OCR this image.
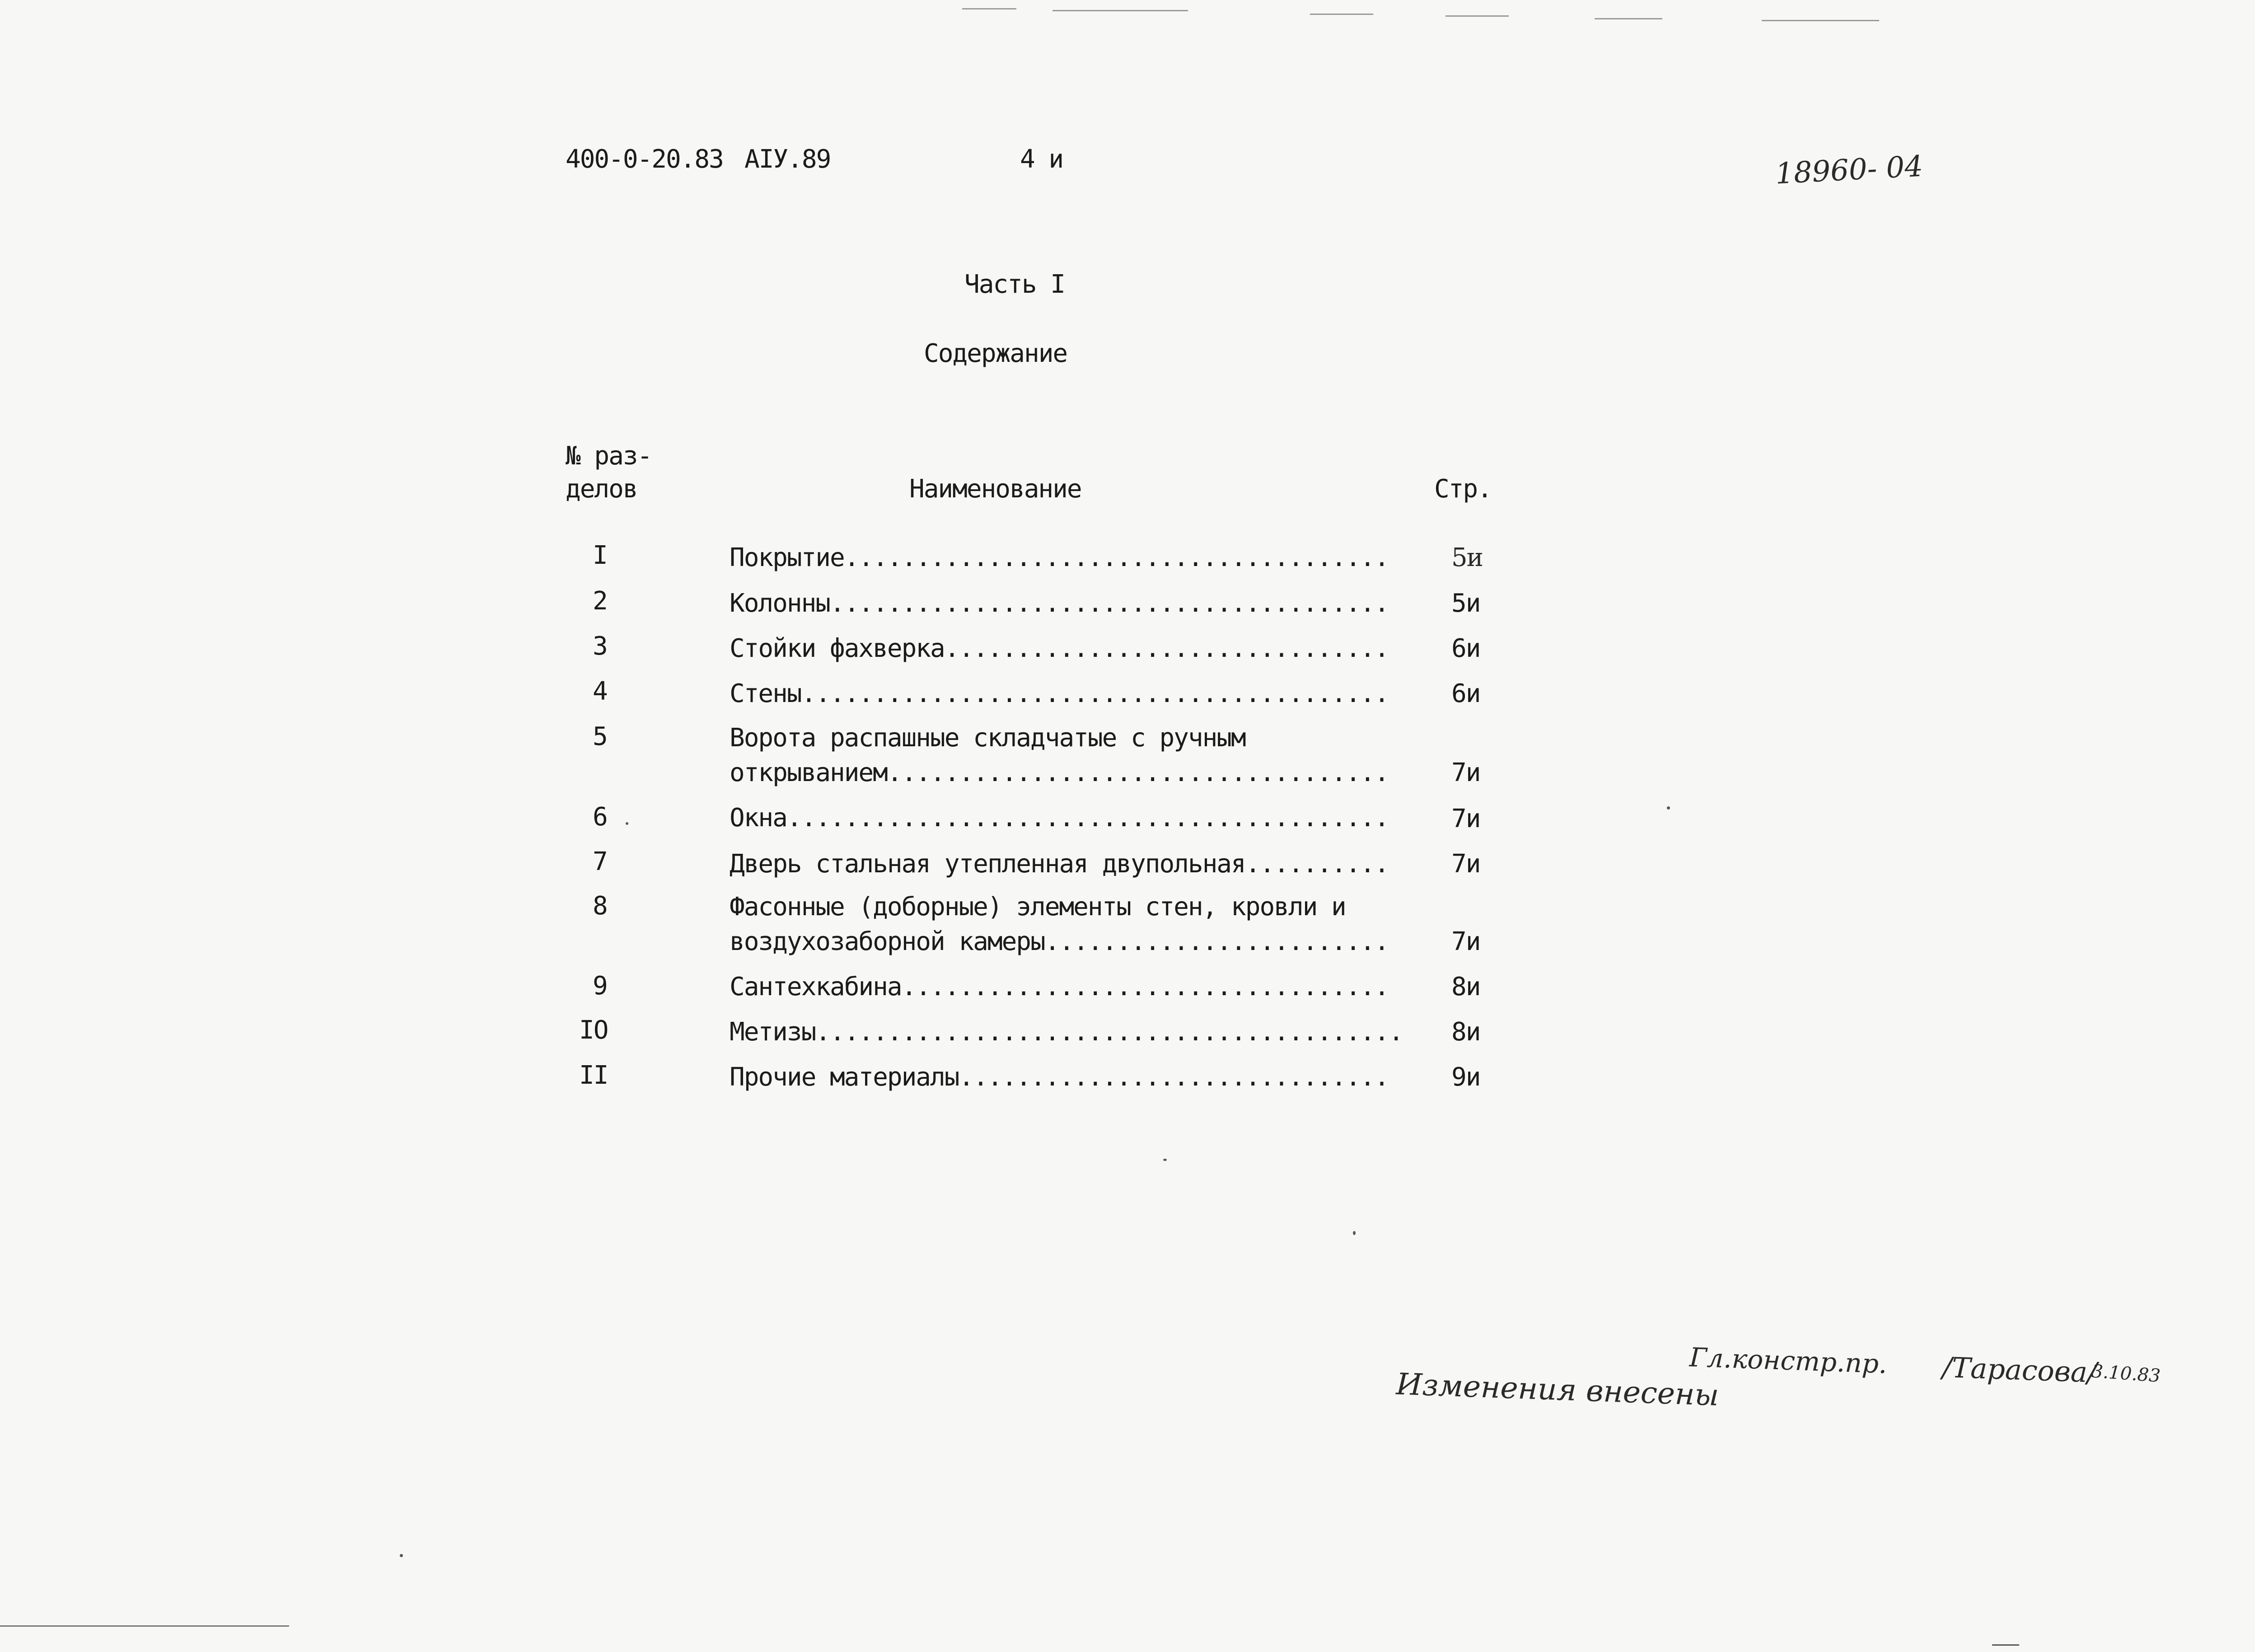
400-0-20.83 АIУ.89	4 и	18960- 04
Часть I
Содержание
№ раз-
делов	Наименование	Стр.
I	Покрытие...................................... 5и
2	Колонны....................................... 5и
3	Стойки фахверка............................... 6и
4	Стены......................................... 6и
5	Ворота распашные складчатые с ручным
открыванием................................... 7и
6	Окна.......................................... 7и
7	Дверь стальная утепленная двупольная.......... 7и
8	Фасонные (доборные) элементы стен, кровли и
воздухозаборной камеры........................ 7и
9	Сантехкабина.................................. 8и
IO	Метизы......................................... 8и
II	Прочие материалы.............................. 9и

Изменения внесены

Гл.констр.пр. /Тарасова/
3.10.83
